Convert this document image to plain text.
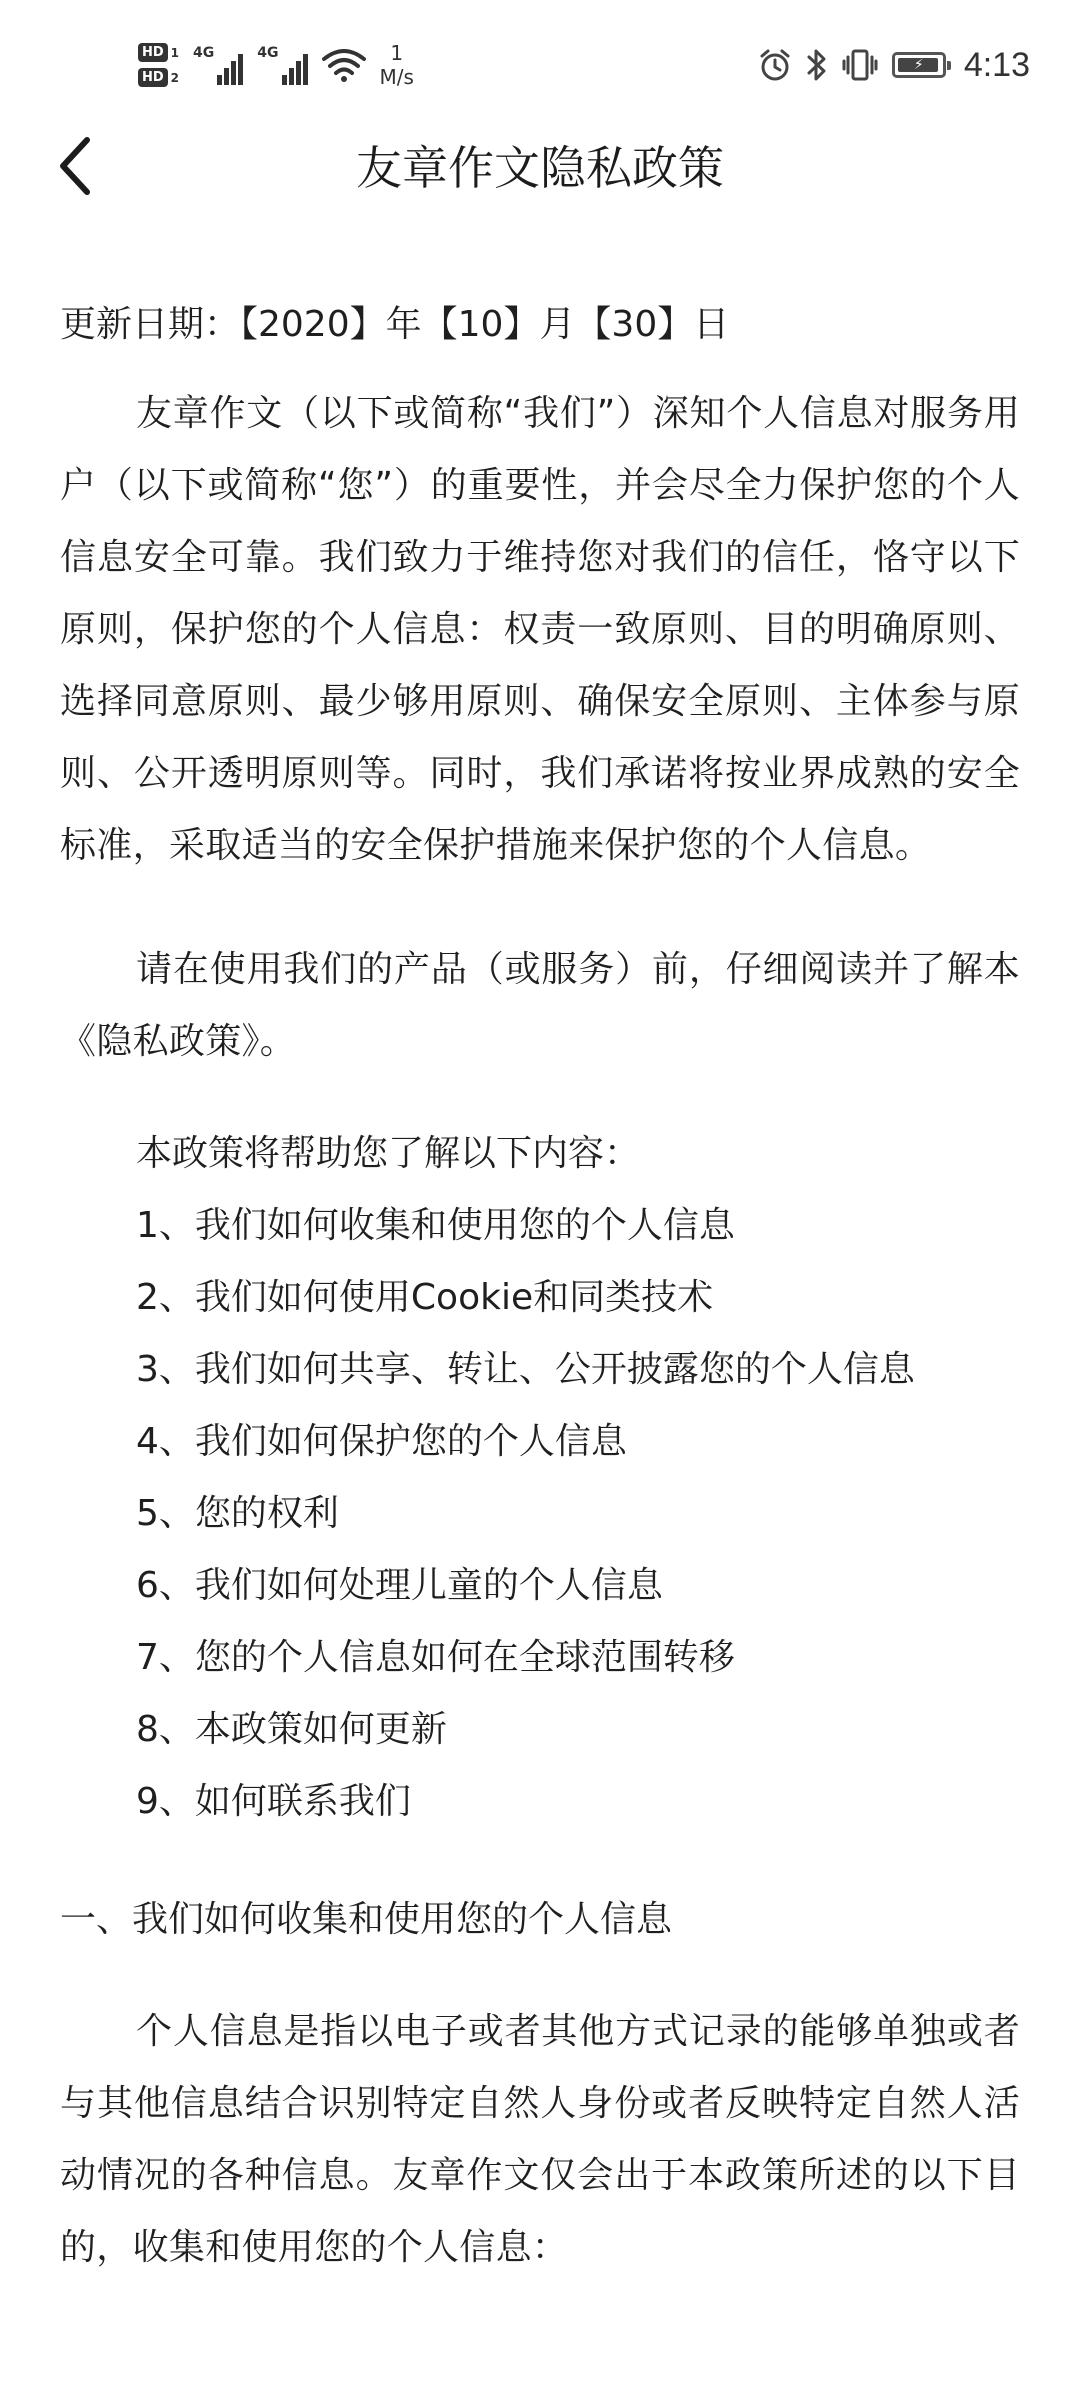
HD 1
HD 2
4G	4G	1
M/s	⚡ 4:13
友章作文隐私政策
更新日期：【2020】年【10】月【30】日

友章作文（以下或简称“我们”）深知个人信息对服务用户（以下或简称“您”）的重要性，并会尽全力保护您的个人信息安全可靠。我们致力于维持您对我们的信任，恪守以下原则，保护您的个人信息：权责一致原则、目的明确原则、选择同意原则、最少够用原则、确保安全原则、主体参与原则、公开透明原则等。同时，我们承诺将按业界成熟的安全标准，采取适当的安全保护措施来保护您的个人信息。

请在使用我们的产品（或服务）前，仔细阅读并了解本《隐私政策》。

本政策将帮助您了解以下内容：
1、我们如何收集和使用您的个人信息
2、我们如何使用Cookie和同类技术
3、我们如何共享、转让、公开披露您的个人信息
4、我们如何保护您的个人信息
5、您的权利
6、我们如何处理儿童的个人信息
7、您的个人信息如何在全球范围转移
8、本政策如何更新
9、如何联系我们
一、我们如何收集和使用您的个人信息

个人信息是指以电子或者其他方式记录的能够单独或者与其他信息结合识别特定自然人身份或者反映特定自然人活动情况的各种信息。友章作文仅会出于本政策所述的以下目的，收集和使用您的个人信息：
